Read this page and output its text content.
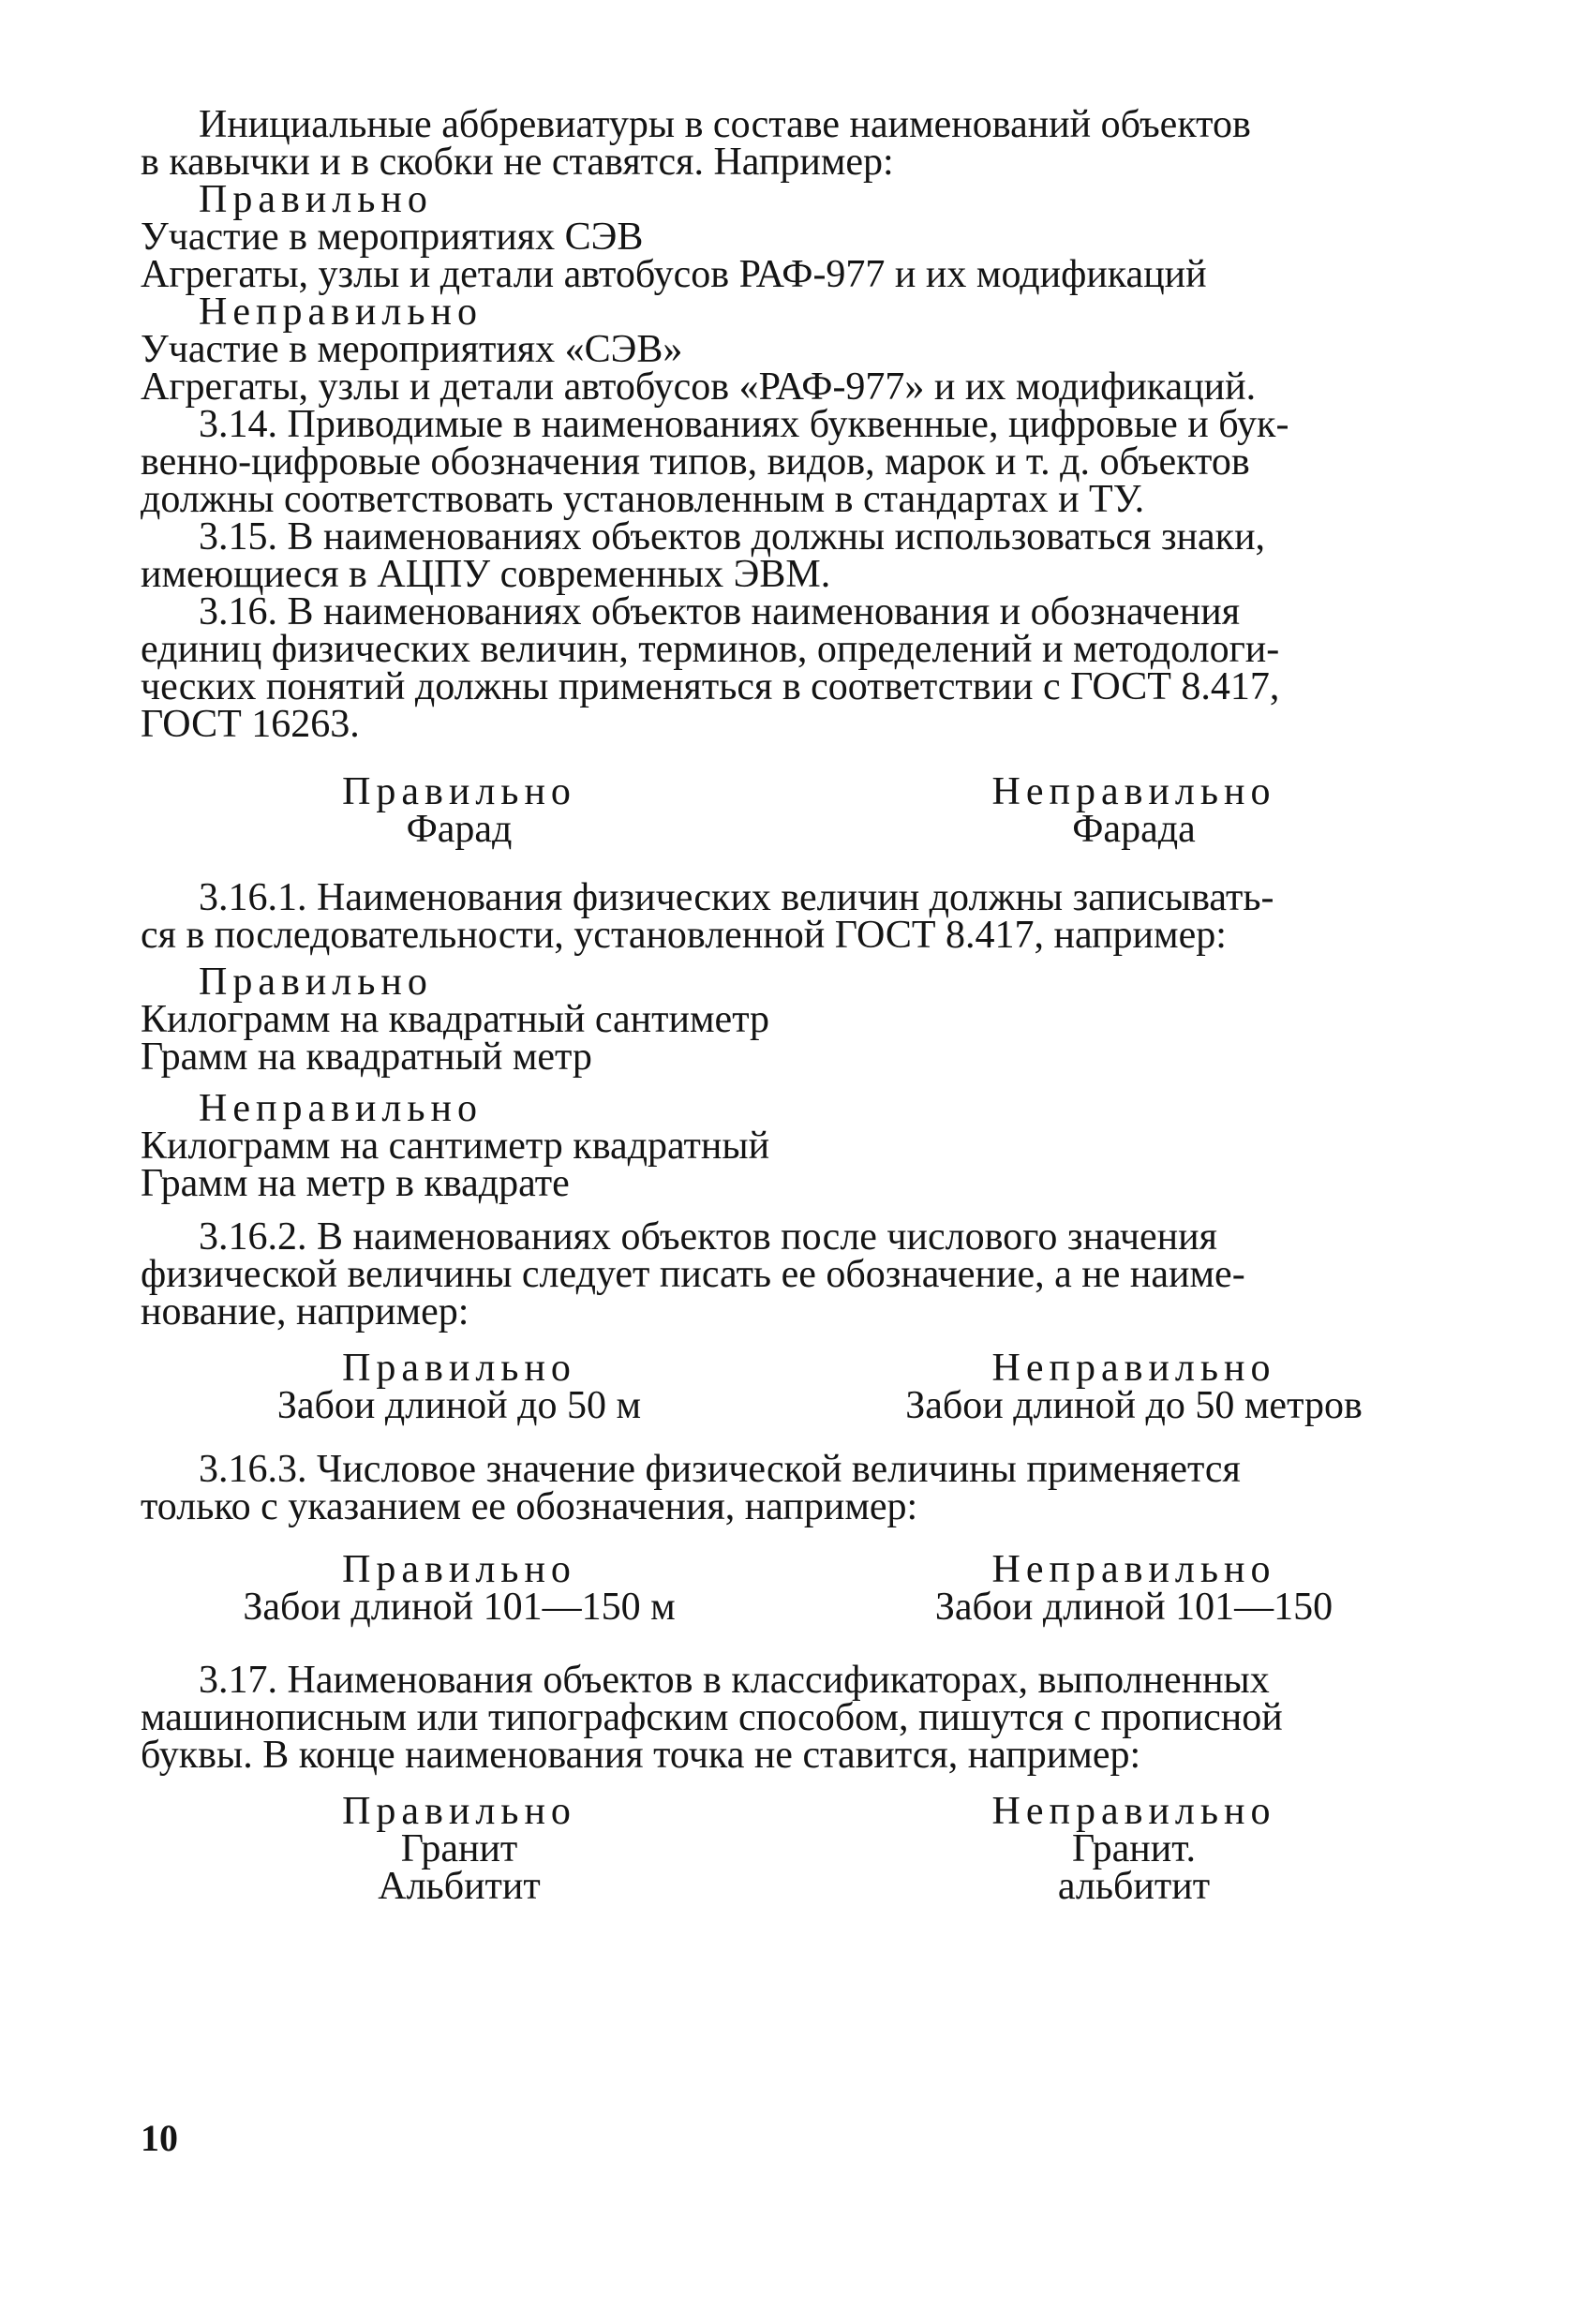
Инициальные аббревиатуры в составе наименований объектов
в кавычки и в скобки не ставятся. Например:
Правильно
Участие в мероприятиях СЭВ
Агрегаты, узлы и детали автобусов РАФ-977 и их модификаций
Неправильно
Участие в мероприятиях «СЭВ»
Агрегаты, узлы и детали автобусов «РАФ-977» и их модификаций.
3.14. Приводимые в наименованиях буквенные, цифровые и бук-
венно-цифровые обозначения типов, видов, марок и т. д. объектов
должны соответствовать установленным в стандартах и ТУ.
3.15. В наименованиях объектов должны использоваться знаки,
имеющиеся в АЦПУ современных ЭВМ.
3.16. В наименованиях объектов наименования и обозначения
единиц физических величин, терминов, определений и методологи-
ческих понятий должны применяться в соответствии с ГОСТ 8.417,
ГОСТ 16263.
Правильно	Неправильно
Фарад	Фарада
3.16.1. Наименования физических величин должны записывать-
ся в последовательности, установленной ГОСТ 8.417, например:
Правильно
Килограмм на квадратный сантиметр
Грамм на квадратный метр
Неправильно
Килограмм на сантиметр квадратный
Грамм на метр в квадрате
3.16.2. В наименованиях объектов после числового значения
физической величины следует писать ее обозначение, а не наиме-
нование, например:
Правильно	Неправильно
Забои длиной до 50 м	Забои длиной до 50 метров
3.16.3. Числовое значение физической величины применяется
только с указанием ее обозначения, например:
Правильно	Неправильно
Забои длиной 101—150 м	Забои длиной 101—150
3.17. Наименования объектов в классификаторах, выполненных
машинописным или типографским способом, пишутся с прописной
буквы. В конце наименования точка не ставится, например:
Правильно	Неправильно
Гранит	Гранит.
Альбитит	альбитит
10
